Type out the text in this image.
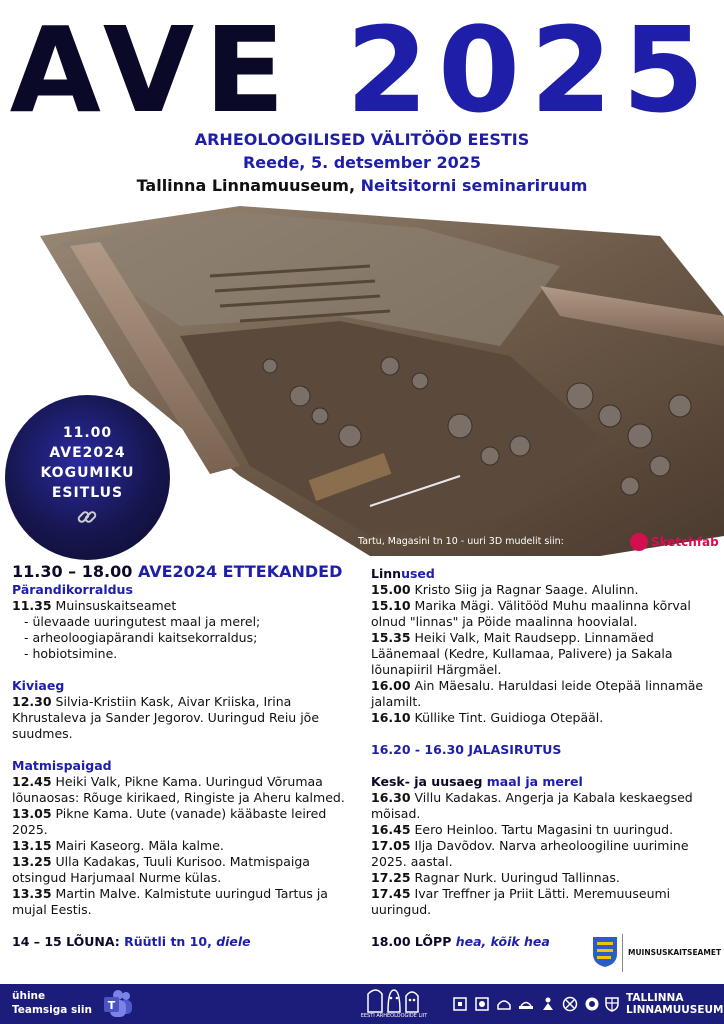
AVE 2025
ARHEOLOOGILISED VÄLITÖÖD EESTIS
Reede, 5. detsember 2025
Tallinna Linnamuuseum, Neitsitorni seminariruum
11.00
AVE2024
KOGUMIKU
ESITLUS
Tartu, Magasini tn 10 - uuri 3D mudelit siin:	Sketchfab
11.30 – 18.00 AVE2024 ETTEKANDED
Pärandikorraldus
11.35 Muinsuskaitseamet
- ülevaade uuringutest maal ja merel;
- arheoloogiapärandi kaitsekorraldus;
- hobiotsimine.
Kiviaeg
12.30 Silvia-Kristiin Kask, Aivar Kriiska, Irina Khrustaleva ja Sander Jegorov. Uuringud Reiu jõe suudmes.
Matmispaigad
12.45 Heiki Valk, Pikne Kama. Uuringud Võrumaa lõunaosas: Rõuge kirikaed, Ringiste ja Aheru kalmed.
13.05 Pikne Kama. Uute (vanade) kääbaste leired 2025.
13.15 Mairi Kaseorg. Mäla kalme.
13.25 Ulla Kadakas, Tuuli Kurisoo. Matmispaiga otsingud Harjumaal Nurme külas.
13.35 Martin Malve. Kalmistute uuringud Tartus ja mujal Eestis.
14 – 15 LÕUNA: Rüütli tn 10, diele
Linnused
15.00 Kristo Siig ja Ragnar Saage. Alulinn.
15.10 Marika Mägi. Välitööd Muhu maalinna kõrval olnud "linnas" ja Pöide maalinna hoovialal.
15.35 Heiki Valk, Mait Raudsepp. Linnamäed Läänemaal (Kedre, Kullamaa, Palivere) ja Sakala lõunapiiril Härgmäel.
16.00 Ain Mäesalu. Haruldasi leide Otepää linnamäe jalamilt.
16.10 Küllike Tint. Guidioga Otepääl.
16.20 - 16.30 JALASIRUTUS
Kesk- ja uusaeg maal ja merel
16.30 Villu Kadakas. Angerja ja Kabala keskaegsed mõisad.
16.45 Eero Heinloo. Tartu Magasini tn uuringud.
17.05 Ilja Davõdov. Narva arheoloogiline uurimine 2025. aastal.
17.25 Ragnar Nurk. Uuringud Tallinnas.
17.45 Ivar Treffner ja Priit Lätti. Meremuuseumi uuringud.
18.00 LÕPP hea, kõik hea
MUINSUSKAITSEAMET
ühine
Teamsiga siin T
EESTI ARHEOLOOGIDE LIIT
TALLINNA
LINNAMUUSEUM
